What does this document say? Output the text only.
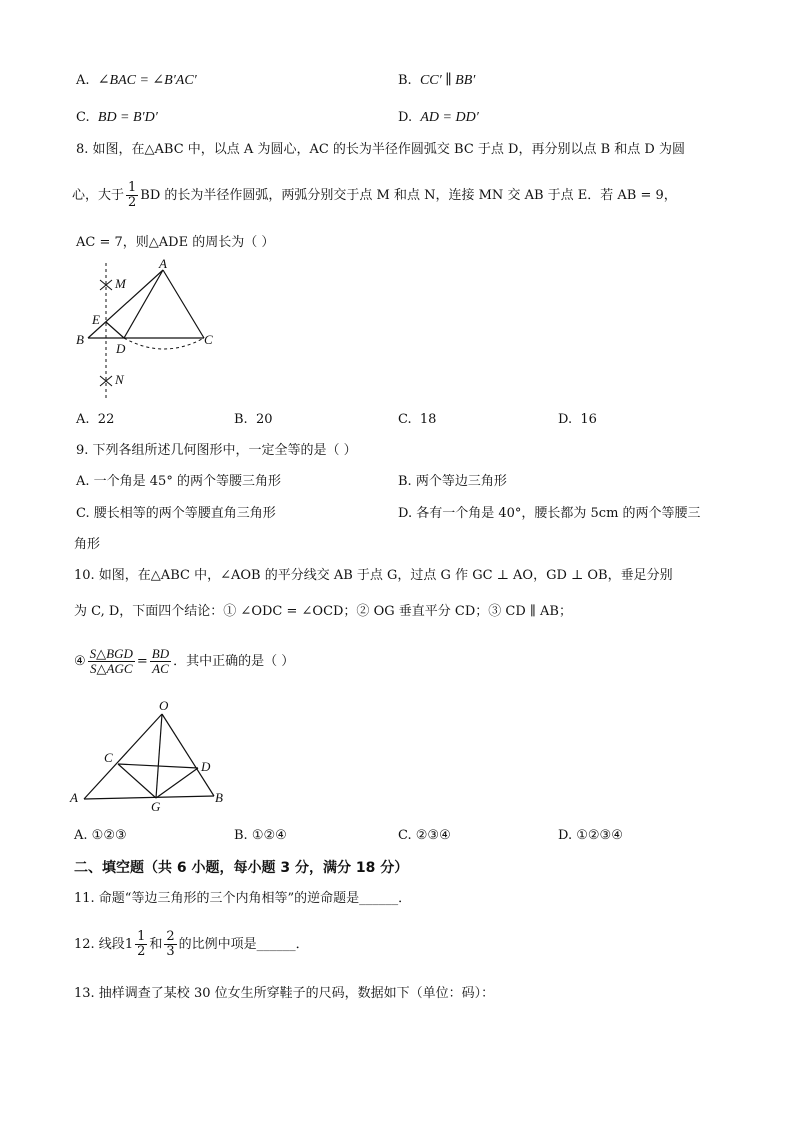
A. ∠BAC = ∠B′AC′	B. CC′ ∥ BB′
C. BD = B′D′	D. AD = DD′
8. 如图，在△ABC 中，以点 A 为圆心，AC 的长为半径作圆弧交 BC 于点 D，再分别以点 B 和点 D 为圆
心，大于 $\frac{1}{2}$ BD 的长为半径作圆弧，两弧分别交于点 M 和点 N，连接 MN 交 AB 于点 E．若 AB = 9，
AC = 7，则△ADE 的周长为（ ）
A
M
E
B
D
C
N
A. 22	B. 20	C. 18	D. 16
9. 下列各组所述几何图形中，一定全等的是（ ）
A. 一个角是 45° 的两个等腰三角形	B. 两个等边三角形
C. 腰长相等的两个等腰直角三角形	D. 各有一个角是 40°，腰长都为 5cm 的两个等腰三
角形
10. 如图，在△ABC 中，∠AOB 的平分线交 AB 于点 G，过点 G 作 GC ⊥ AO，GD ⊥ OB，垂足分别
为 C, D，下面四个结论：① ∠ODC = ∠OCD；② OG 垂直平分 CD；③ CD ∥ AB；
④ $\frac{\text{S△BGD}}{\text{S△AGC}} = \frac{BD}{AC}$ ．其中正确的是（ ）
O
C
D
A
G
B
A. ①②③	B. ①②④	C. ②③④	D. ①②③④
二、填空题（共 6 小题，每小题 3 分，满分 18 分）
11. 命题“等边三角形的三个内角相等”的逆命题是______．
12. 线段$1 \frac{1}{2}$ 和 $\frac{2}{3}$ 的比例中项是______．
13. 抽样调查了某校 30 位女生所穿鞋子的尺码，数据如下（单位：码）：
